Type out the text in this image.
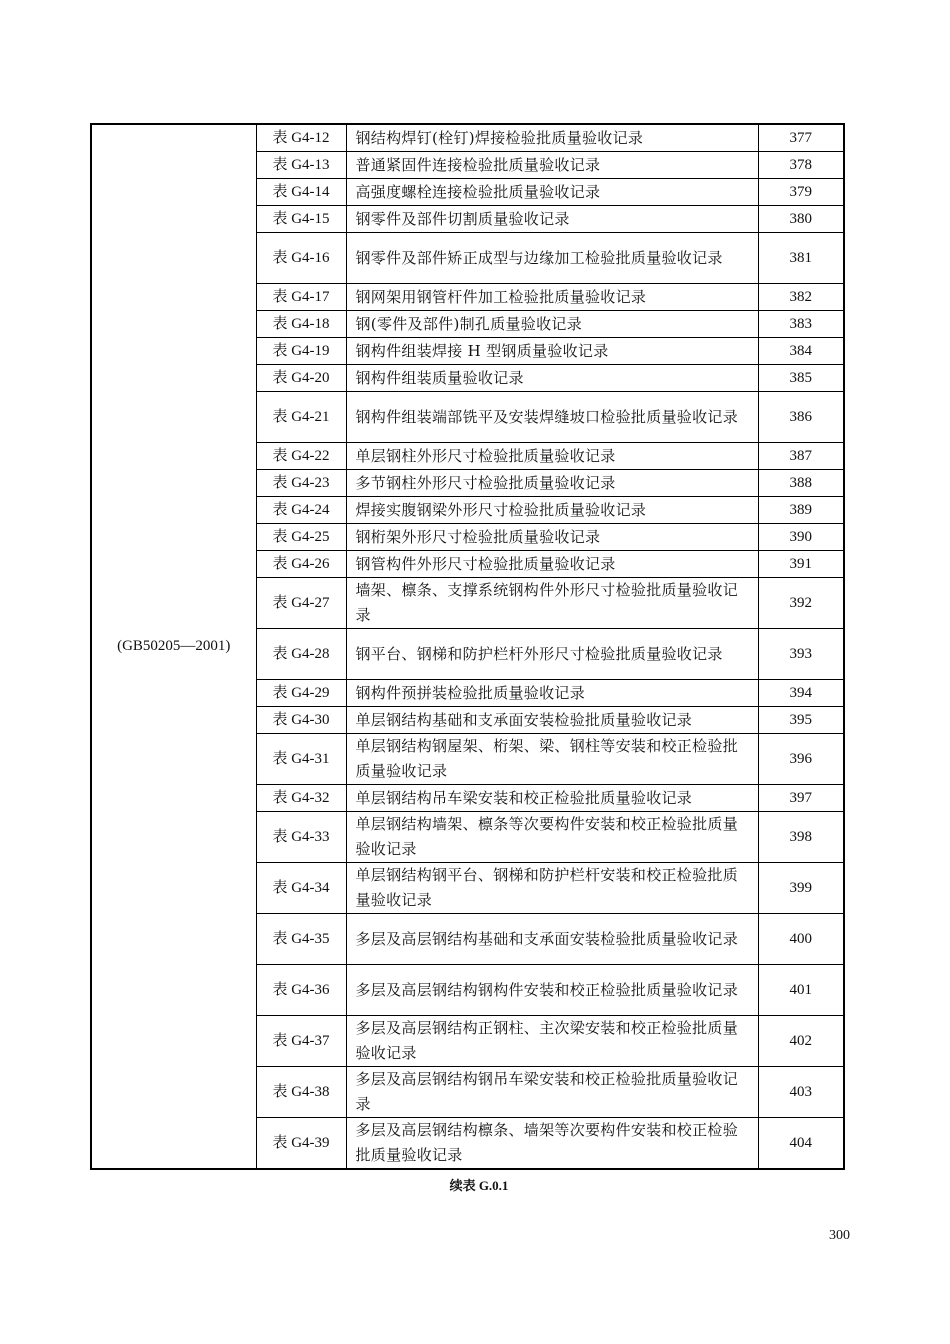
(GB50205—2001)	表 G4-12	钢结构焊钉(栓钉)焊接检验批质量验收记录	377
	表 G4-13	普通紧固件连接检验批质量验收记录	378
	表 G4-14	高强度螺栓连接检验批质量验收记录	379
	表 G4-15	钢零件及部件切割质量验收记录	380
	表 G4-16	钢零件及部件矫正成型与边缘加工检验批质量验收记录	381
	表 G4-17	钢网架用钢管杆件加工检验批质量验收记录	382
	表 G4-18	钢(零件及部件)制孔质量验收记录	383
	表 G4-19	钢构件组装焊接 H 型钢质量验收记录	384
	表 G4-20	钢构件组装质量验收记录	385
	表 G4-21	钢构件组装端部铣平及安装焊缝坡口检验批质量验收记录	386
	表 G4-22	单层钢柱外形尺寸检验批质量验收记录	387
	表 G4-23	多节钢柱外形尺寸检验批质量验收记录	388
	表 G4-24	焊接实腹钢梁外形尺寸检验批质量验收记录	389
	表 G4-25	钢桁架外形尺寸检验批质量验收记录	390
	表 G4-26	钢管构件外形尺寸检验批质量验收记录	391
	表 G4-27	墙架、檩条、支撑系统钢构件外形尺寸检验批质量验收记录	392
	表 G4-28	钢平台、钢梯和防护栏杆外形尺寸检验批质量验收记录	393
	表 G4-29	钢构件预拼装检验批质量验收记录	394
	表 G4-30	单层钢结构基础和支承面安装检验批质量验收记录	395
	表 G4-31	单层钢结构钢屋架、桁架、梁、钢柱等安装和校正检验批质量验收记录	396
	表 G4-32	单层钢结构吊车梁安装和校正检验批质量验收记录	397
	表 G4-33	单层钢结构墙架、檩条等次要构件安装和校正检验批质量验收记录	398
	表 G4-34	单层钢结构钢平台、钢梯和防护栏杆安装和校正检验批质量验收记录	399
	表 G4-35	多层及高层钢结构基础和支承面安装检验批质量验收记录	400
	表 G4-36	多层及高层钢结构钢构件安装和校正检验批质量验收记录	401
	表 G4-37	多层及高层钢结构正钢柱、主次梁安装和校正检验批质量验收记录	402
	表 G4-38	多层及高层钢结构钢吊车梁安装和校正检验批质量验收记录	403
	表 G4-39	多层及高层钢结构檩条、墙架等次要构件安装和校正检验批质量验收记录	404
续表 G.0.1
300
